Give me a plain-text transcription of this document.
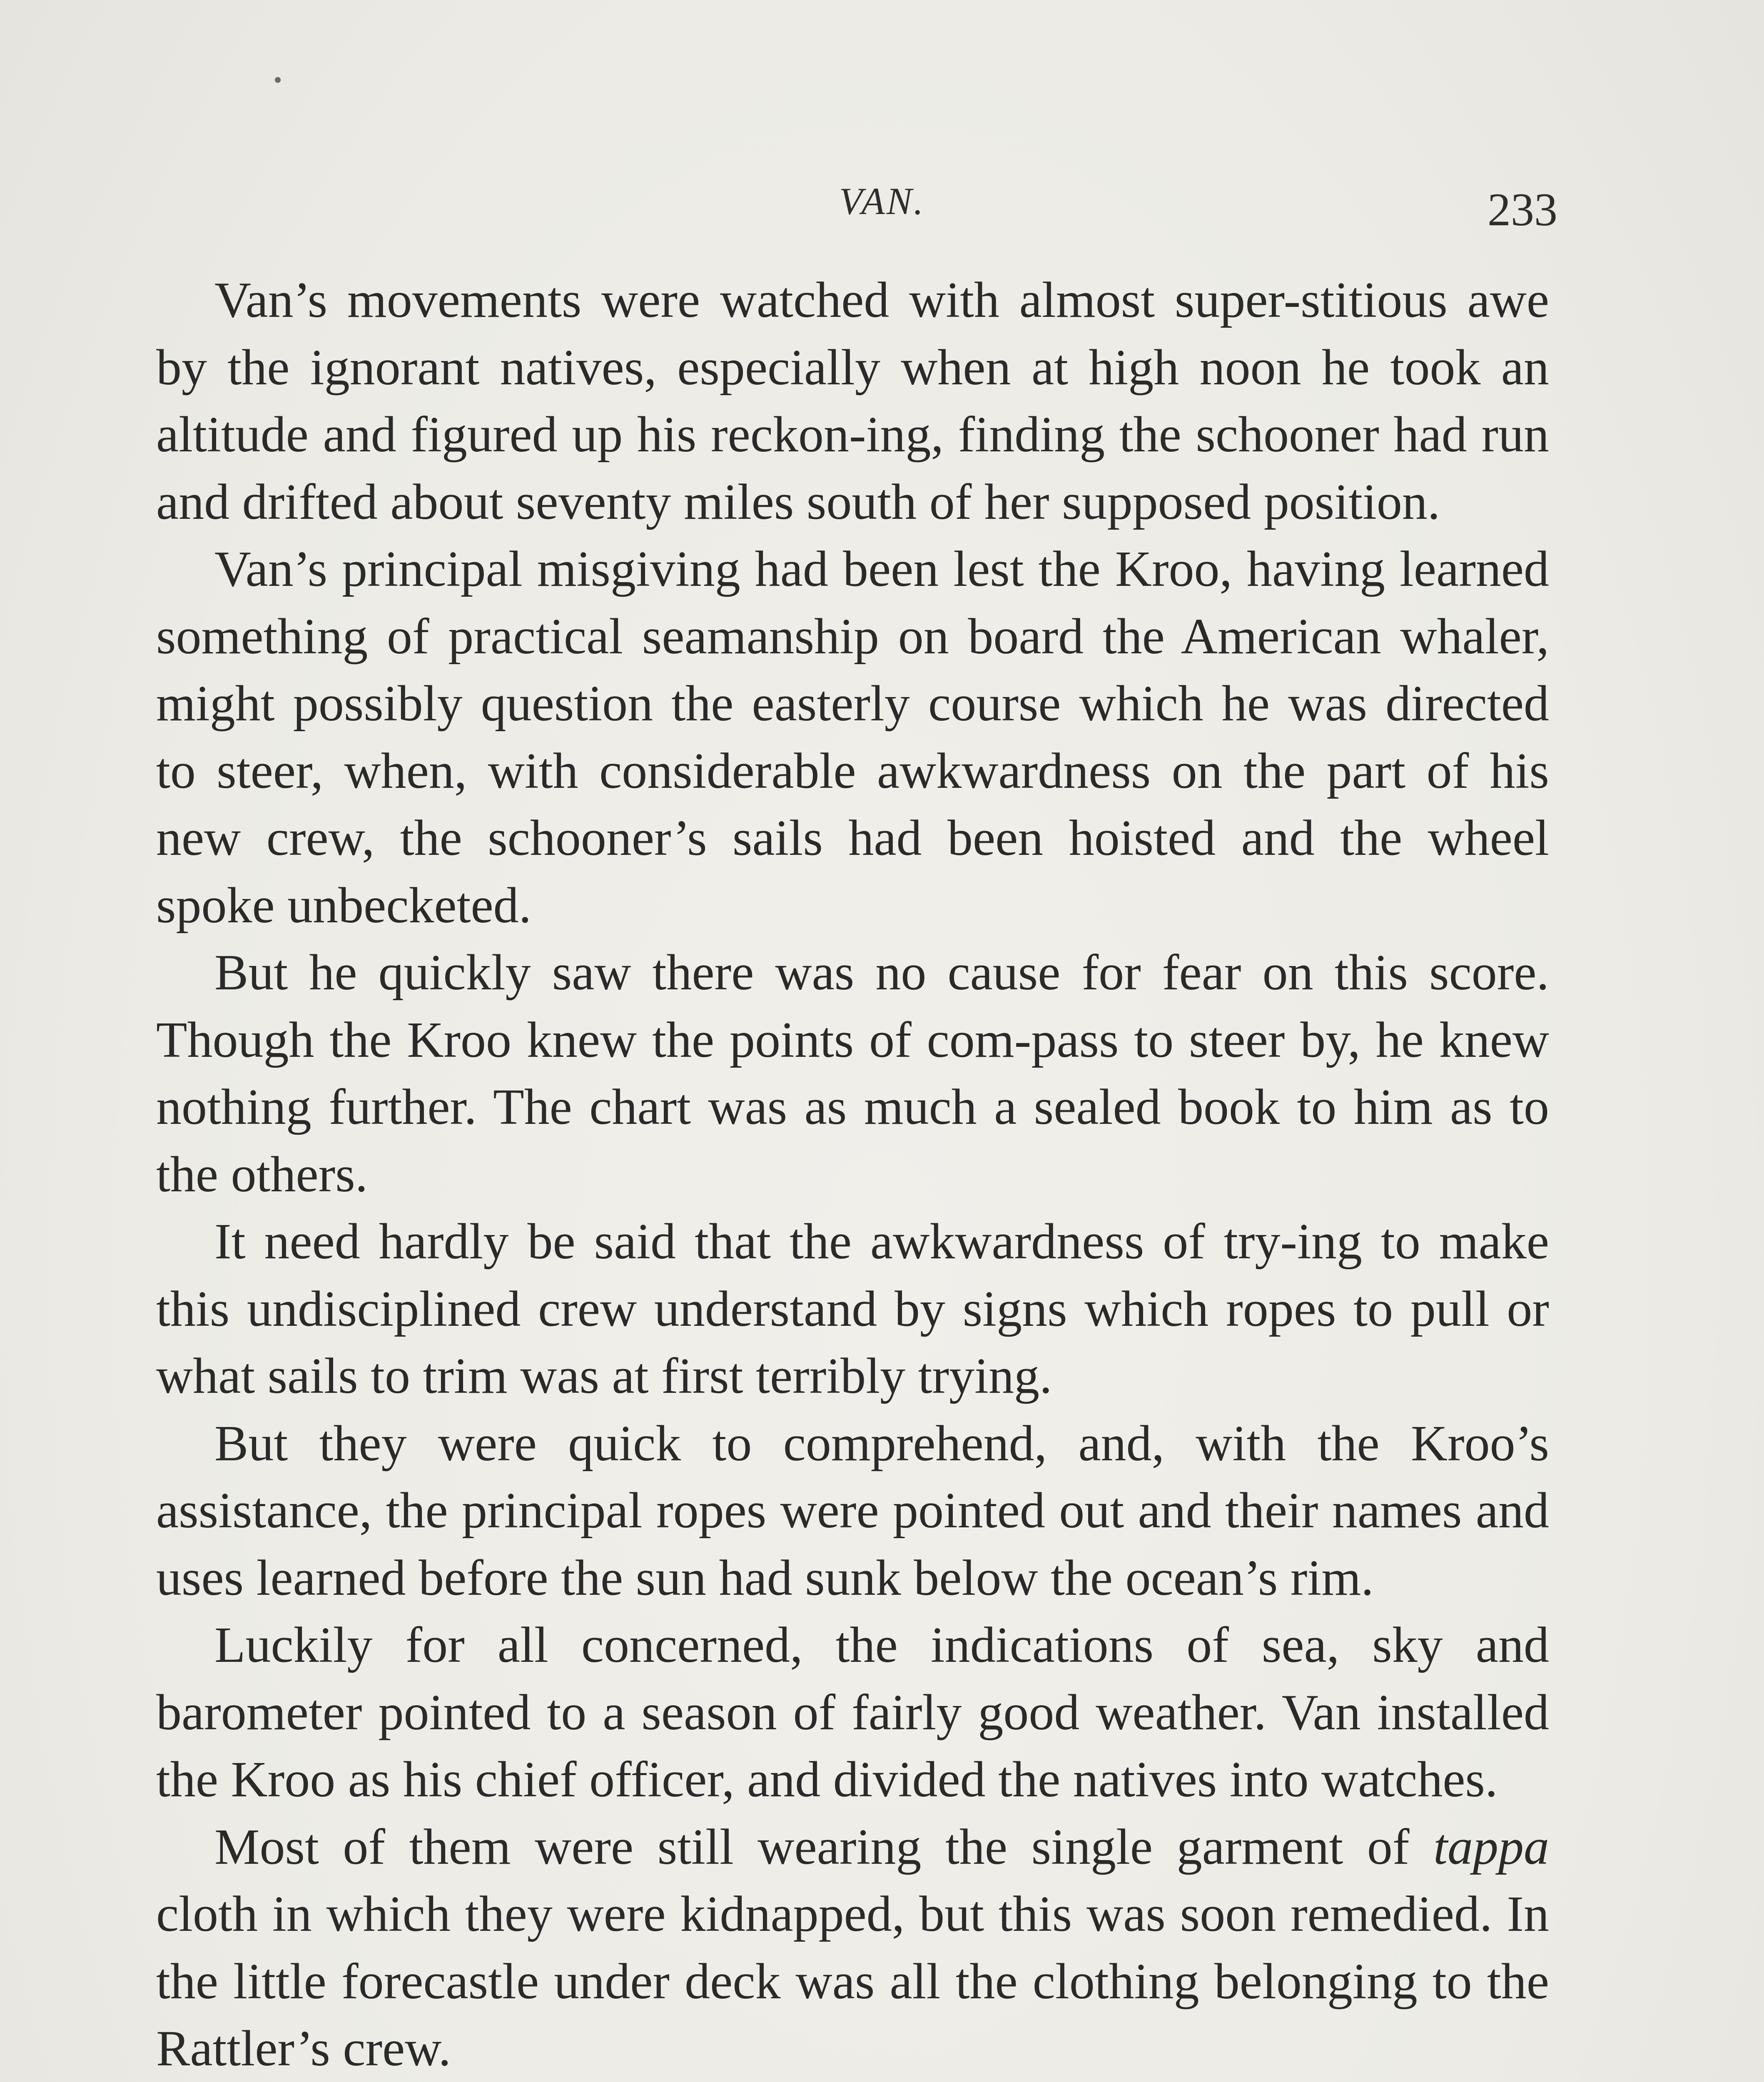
VAN.	233

Van’s movements were watched with almost super-stitious awe by the ignorant natives, especially when at high noon he took an altitude and figured up his reckon-ing, finding the schooner had run and drifted about seventy miles south of her supposed position.

Van’s principal misgiving had been lest the Kroo, having learned something of practical seamanship on board the American whaler, might possibly question the easterly course which he was directed to steer, when, with considerable awkwardness on the part of his new crew, the schooner’s sails had been hoisted and the wheel spoke unbecketed.

But he quickly saw there was no cause for fear on this score. Though the Kroo knew the points of com-pass to steer by, he knew nothing further. The chart was as much a sealed book to him as to the others.

It need hardly be said that the awkwardness of try-ing to make this undisciplined crew understand by signs which ropes to pull or what sails to trim was at first terribly trying.

But they were quick to comprehend, and, with the Kroo’s assistance, the principal ropes were pointed out and their names and uses learned before the sun had sunk below the ocean’s rim.

Luckily for all concerned, the indications of sea, sky and barometer pointed to a season of fairly good weather. Van installed the Kroo as his chief officer, and divided the natives into watches.

Most of them were still wearing the single garment of tappa cloth in which they were kidnapped, but this was soon remedied. In the little forecastle under deck was all the clothing belonging to the Rattler’s crew.
